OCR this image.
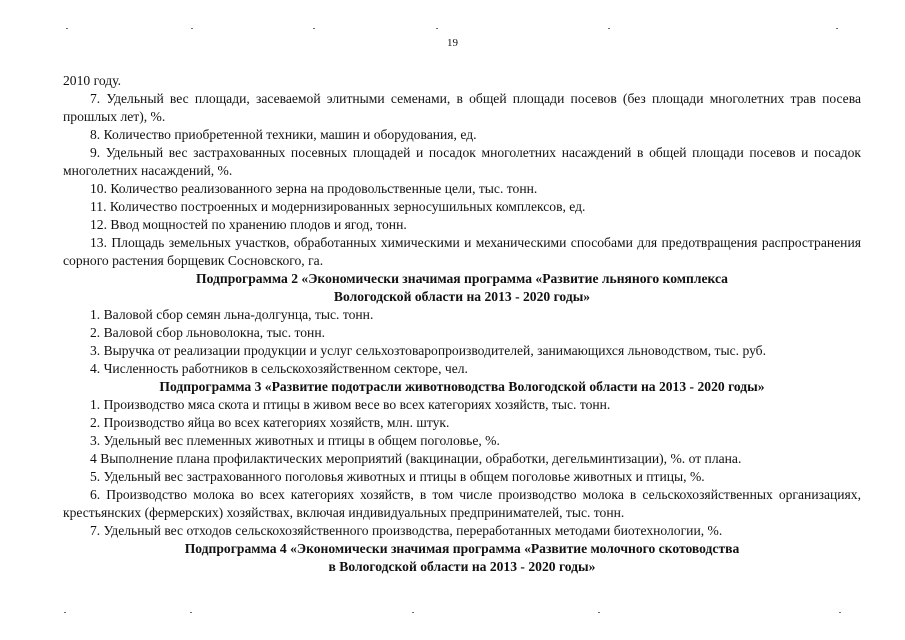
19

2010 году.

7. Удельный вес площади, засеваемой элитными семенами, в общей площади посевов (без площади многолетних трав посева прошлых лет), %.

8. Количество приобретенной техники, машин и оборудования, ед.

9. Удельный вес застрахованных посевных площадей и посадок многолетних насаждений в общей площади посевов и посадок многолетних насаждений, %.

10. Количество реализованного зерна на продовольственные цели, тыс. тонн.

11. Количество построенных и модернизированных зерносушильных комплексов, ед.

12. Ввод мощностей по хранению плодов и ягод, тонн.

13. Площадь земельных участков, обработанных химическими и механическими способами для предотвращения распространения сорного растения борщевик Сосновского, га.

Подпрограмма 2 «Экономически значимая программа «Развитие льняного комплекса

Вологодской области на 2013 - 2020 годы»

1. Валовой сбор семян льна-долгунца, тыс. тонн.

2. Валовой сбор льноволокна, тыс. тонн.

3. Выручка от реализации продукции и услуг сельхозтоваропроизводителей, занимающихся льноводством, тыс. руб.

4. Численность работников в сельскохозяйственном секторе, чел.

Подпрограмма 3 «Развитие подотрасли животноводства Вологодской области на 2013 - 2020 годы»

1. Производство мяса скота и птицы в живом весе во всех категориях хозяйств, тыс. тонн.

2. Производство яйца во всех категориях хозяйств, млн. штук.

3. Удельный вес племенных животных и птицы в общем поголовье, %.

4 Выполнение плана профилактических мероприятий (вакцинации, обработки, дегельминтизации), %. от плана.

5. Удельный вес застрахованного поголовья животных и птицы в общем поголовье животных и птицы, %.

6. Производство молока во всех категориях хозяйств, в том числе производство молока в сельскохозяйственных организациях, крестьянских (фермерских) хозяйствах, включая индивидуальных предпринимателей, тыс. тонн.

7. Удельный вес отходов сельскохозяйственного производства, переработанных методами биотехнологии, %.

Подпрограмма 4 «Экономически значимая программа «Развитие молочного скотоводства

в Вологодской области на 2013 - 2020 годы»
